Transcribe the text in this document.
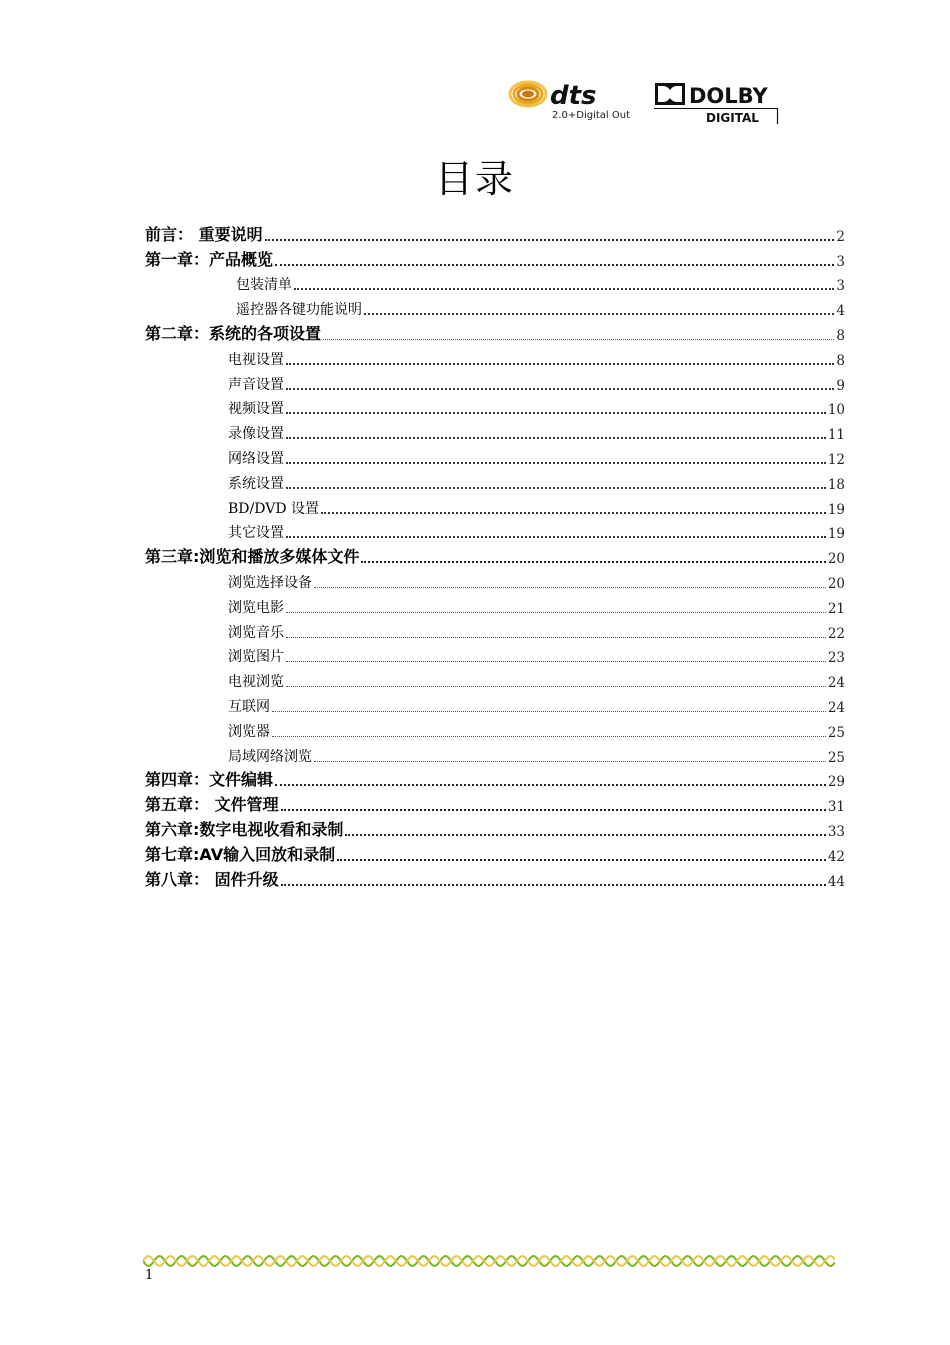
dts
2.0+Digital Out
DOLBY
DIGITAL
目录
前言： 重要说明	2
第一章：产品概览	3
包装清单	3
遥控器各键功能说明	4
第二章：系统的各项设置	8
电视设置	8
声音设置	9
视频设置	10
录像设置	11
网络设置	12
系统设置	18
BD/DVD 设置	19
其它设置	19
第三章:浏览和播放多媒体文件	20
浏览选择设备	20
浏览电影	21
浏览音乐	22
浏览图片	23
电视浏览	24
互联网	24
浏览器	25
局域网络浏览	25
第四章：文件编辑	29
第五章： 文件管理	31
第六章:数字电视收看和录制	33
第七章:AV输入回放和录制	42
第八章： 固件升级	44
1
